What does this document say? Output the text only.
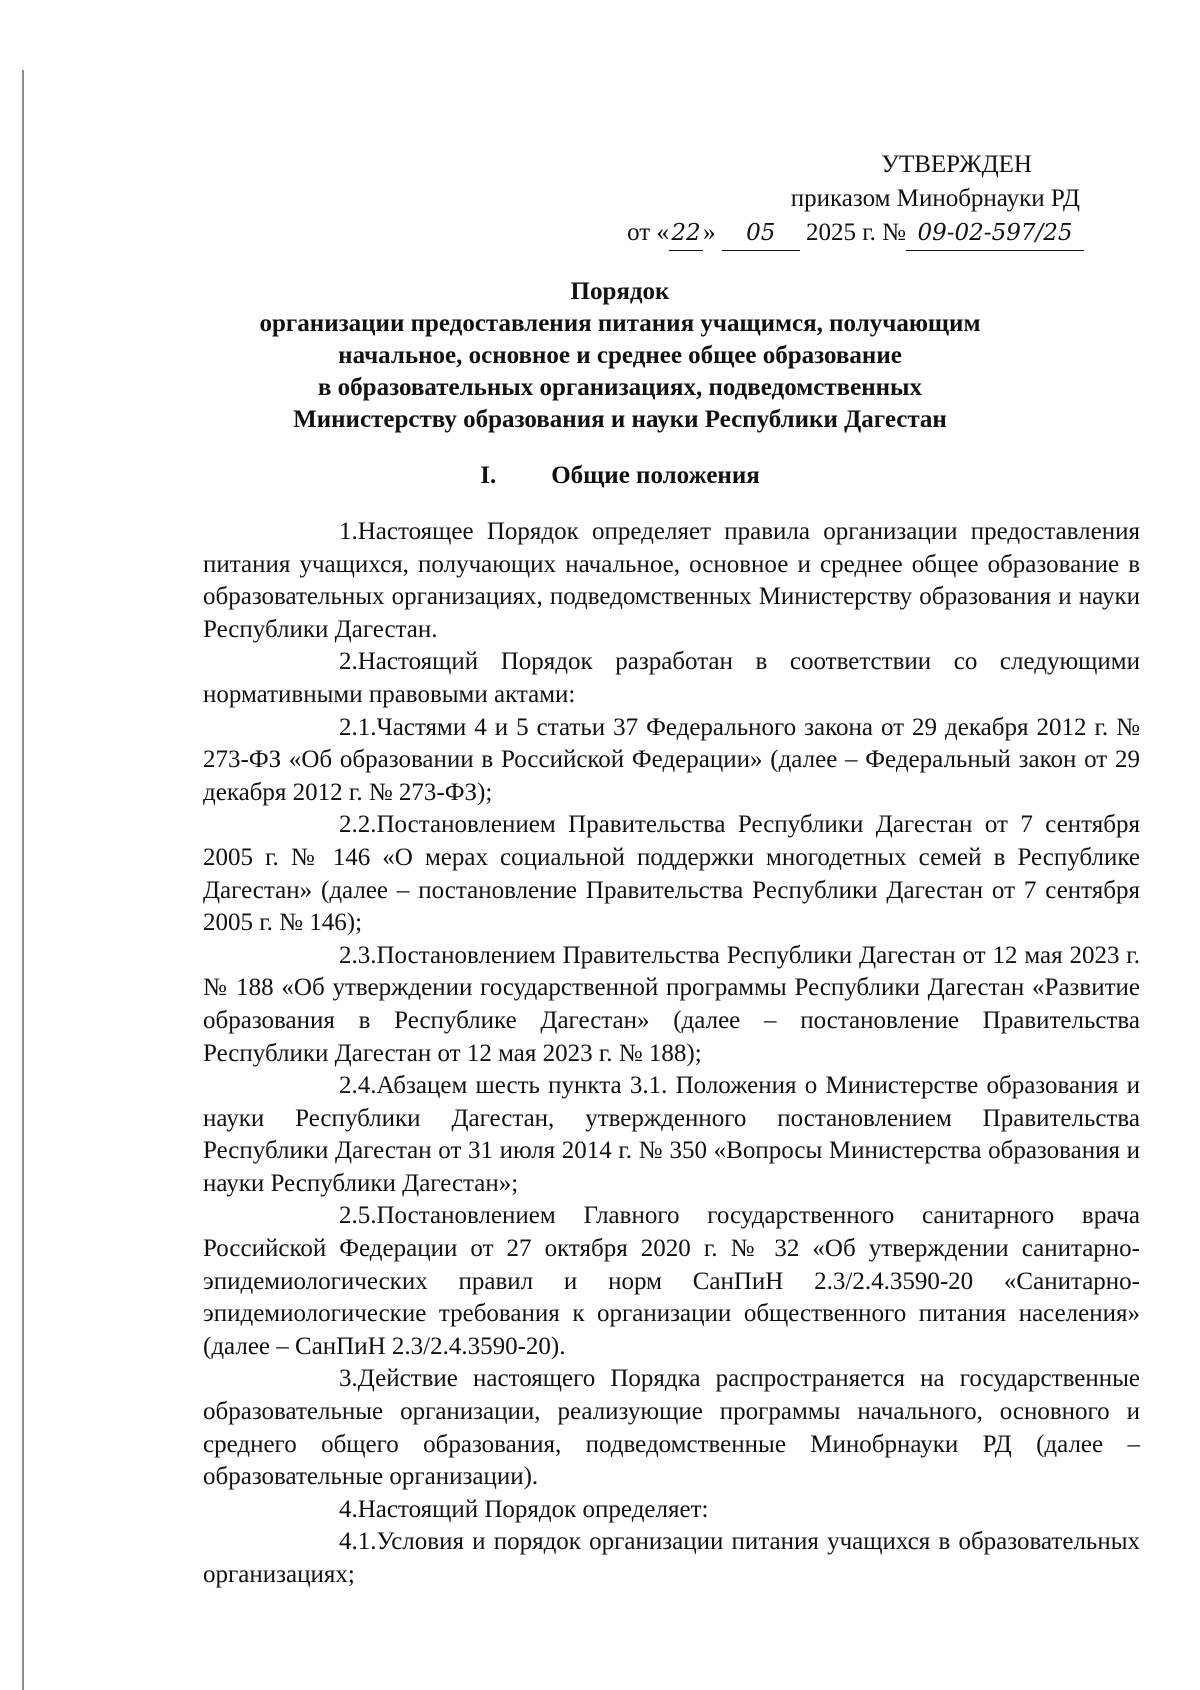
УТВЕРЖДЕН
приказом Минобрнауки РД
от « 22» 05 2025 г. № 09-02-597/25
Порядок
организации предоставления питания учащимся, получающим
начальное, основное и среднее общее образование
в образовательных организациях, подведомственных
Министерству образования и науки Республики Дагестан
I. Общие положения

1.Настоящее Порядок определяет правила организации предоставления питания учащихся, получающих начальное, основное и среднее общее образование в образовательных организациях, подведомственных Министерству образования и науки Республики Дагестан.

2.Настоящий Порядок разработан в соответствии со следующими нормативными правовыми актами:

2.1.Частями 4 и 5 статьи 37 Федерального закона от 29 декабря 2012 г. № 273-ФЗ «Об образовании в Российской Федерации» (далее – Федеральный закон от 29 декабря 2012 г. № 273-ФЗ);

2.2.Постановлением Правительства Республики Дагестан от 7 сентября 2005 г. № 146 «О мерах социальной поддержки многодетных семей в Республике Дагестан» (далее – постановление Правительства Республики Дагестан от 7 сентября 2005 г. № 146);

2.3.Постановлением Правительства Республики Дагестан от 12 мая 2023 г. № 188 «Об утверждении государственной программы Республики Дагестан «Развитие образования в Республике Дагестан» (далее – постановление Правительства Республики Дагестан от 12 мая 2023 г. № 188);

2.4.Абзацем шесть пункта 3.1. Положения о Министерстве образования и науки Республики Дагестан, утвержденного постановлением Правительства Республики Дагестан от 31 июля 2014 г. № 350 «Вопросы Министерства образования и науки Республики Дагестан»;

2.5.Постановлением Главного государственного санитарного врача Российской Федерации от 27 октября 2020 г. № 32 «Об утверждении санитарно-эпидемиологических правил и норм СанПиН 2.3/2.4.3590-20 «Санитарно-эпидемиологические требования к организации общественного питания населения» (далее – СанПиН 2.3/2.4.3590-20).

3.Действие настоящего Порядка распространяется на государственные образовательные организации, реализующие программы начального, основного и среднего общего образования, подведомственные Минобрнауки РД (далее – образовательные организации).

4.Настоящий Порядок определяет:

4.1.Условия и порядок организации питания учащихся в образовательных организациях;
